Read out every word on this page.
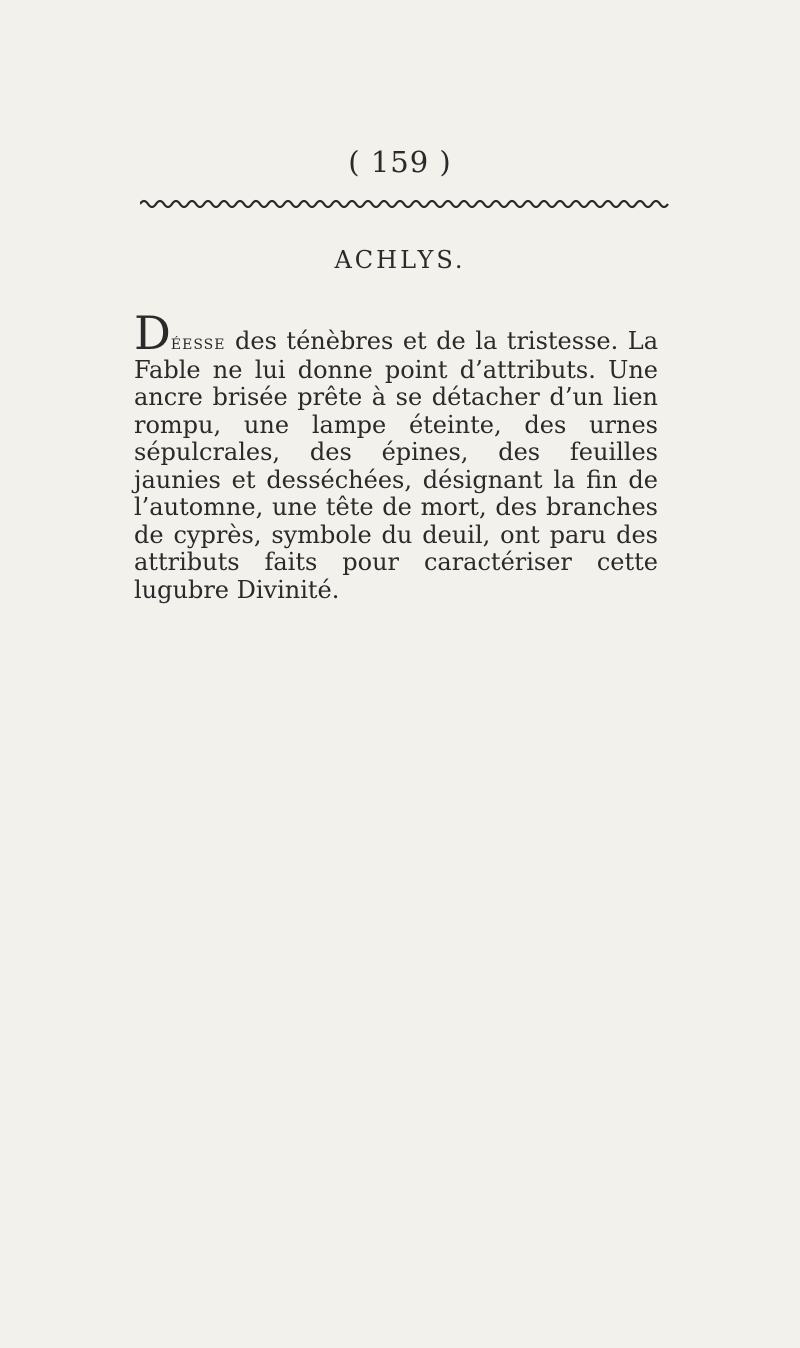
( 159 )
ACHLYS.

Déesse des ténèbres et de la tristesse. La Fable ne lui donne point d’attributs. Une ancre brisée prête à se détacher d’un lien rompu, une lampe éteinte, des urnes sépulcrales, des épines, des feuilles jaunies et desséchées, désignant la fin de l’automne, une tête de mort, des branches de cyprès, symbole du deuil, ont paru des attributs faits pour caractériser cette lugubre Divinité.
